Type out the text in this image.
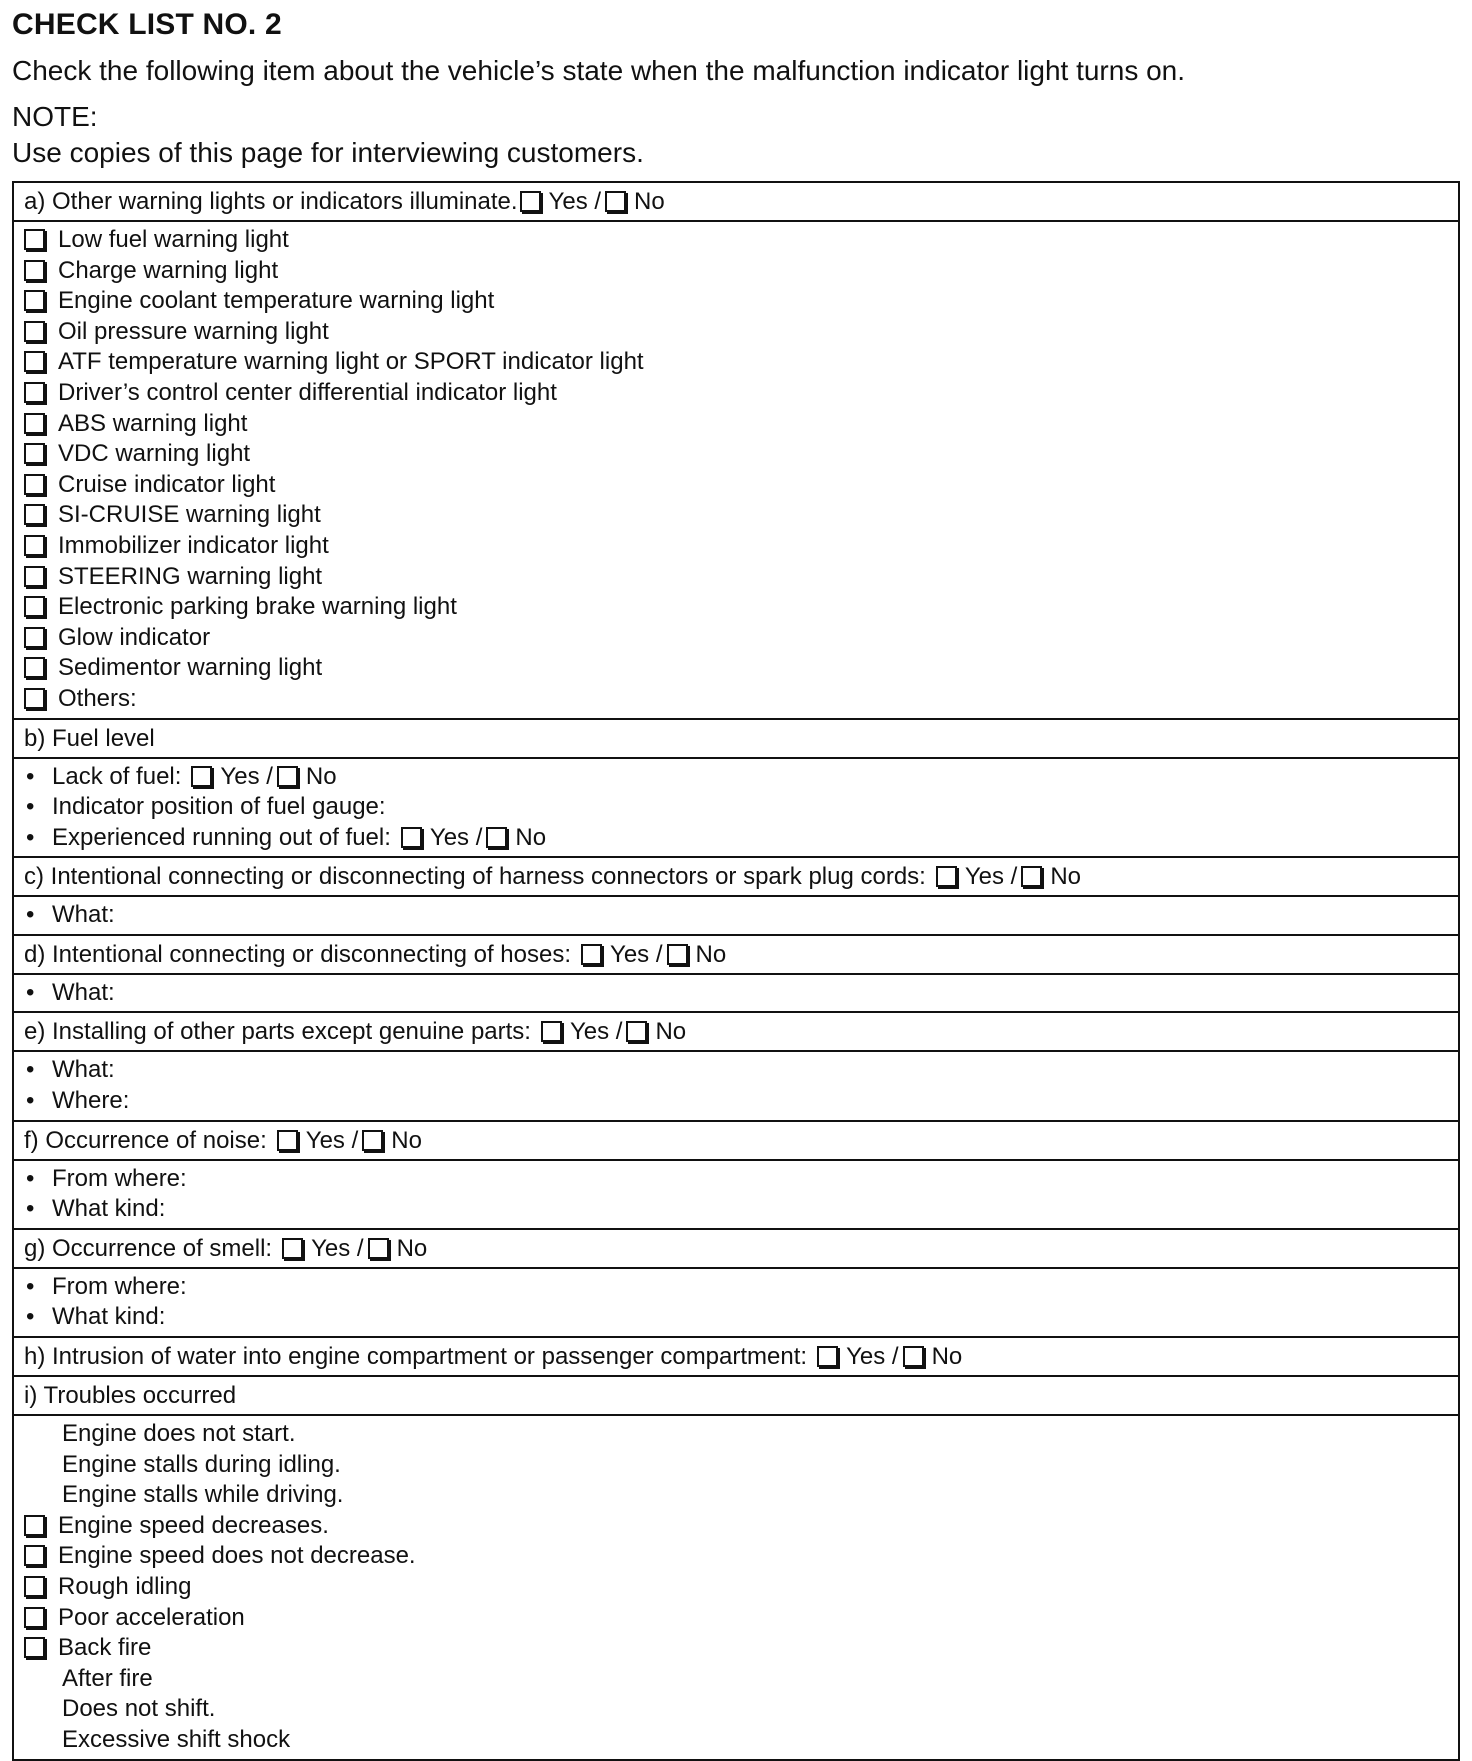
CHECK LIST NO. 2
Check the following item about the vehicle’s state when the malfunction indicator light turns on.
NOTE:
Use copies of this page for interviewing customers.
a) Other warning lights or indicators illuminate. Yes / No
Low fuel warning light
Charge warning light
Engine coolant temperature warning light
Oil pressure warning light
ATF temperature warning light or SPORT indicator light
Driver’s control center differential indicator light
ABS warning light
VDC warning light
Cruise indicator light
SI-CRUISE warning light
Immobilizer indicator light
STEERING warning light
Electronic parking brake warning light
Glow indicator
Sedimentor warning light
Others:
b) Fuel level
• Lack of fuel: Yes / No
• Indicator position of fuel gauge:
• Experienced running out of fuel: Yes / No
c) Intentional connecting or disconnecting of harness connectors or spark plug cords: Yes / No
• What:
d) Intentional connecting or disconnecting of hoses: Yes / No
• What:
e) Installing of other parts except genuine parts: Yes / No
• What:
• Where:
f) Occurrence of noise: Yes / No
• From where:
• What kind:
g) Occurrence of smell: Yes / No
• From where:
• What kind:
h) Intrusion of water into engine compartment or passenger compartment: Yes / No
i) Troubles occurred
Engine does not start.
Engine stalls during idling.
Engine stalls while driving.
Engine speed decreases.
Engine speed does not decrease.
Rough idling
Poor acceleration
Back fire
After fire
Does not shift.
Excessive shift shock
